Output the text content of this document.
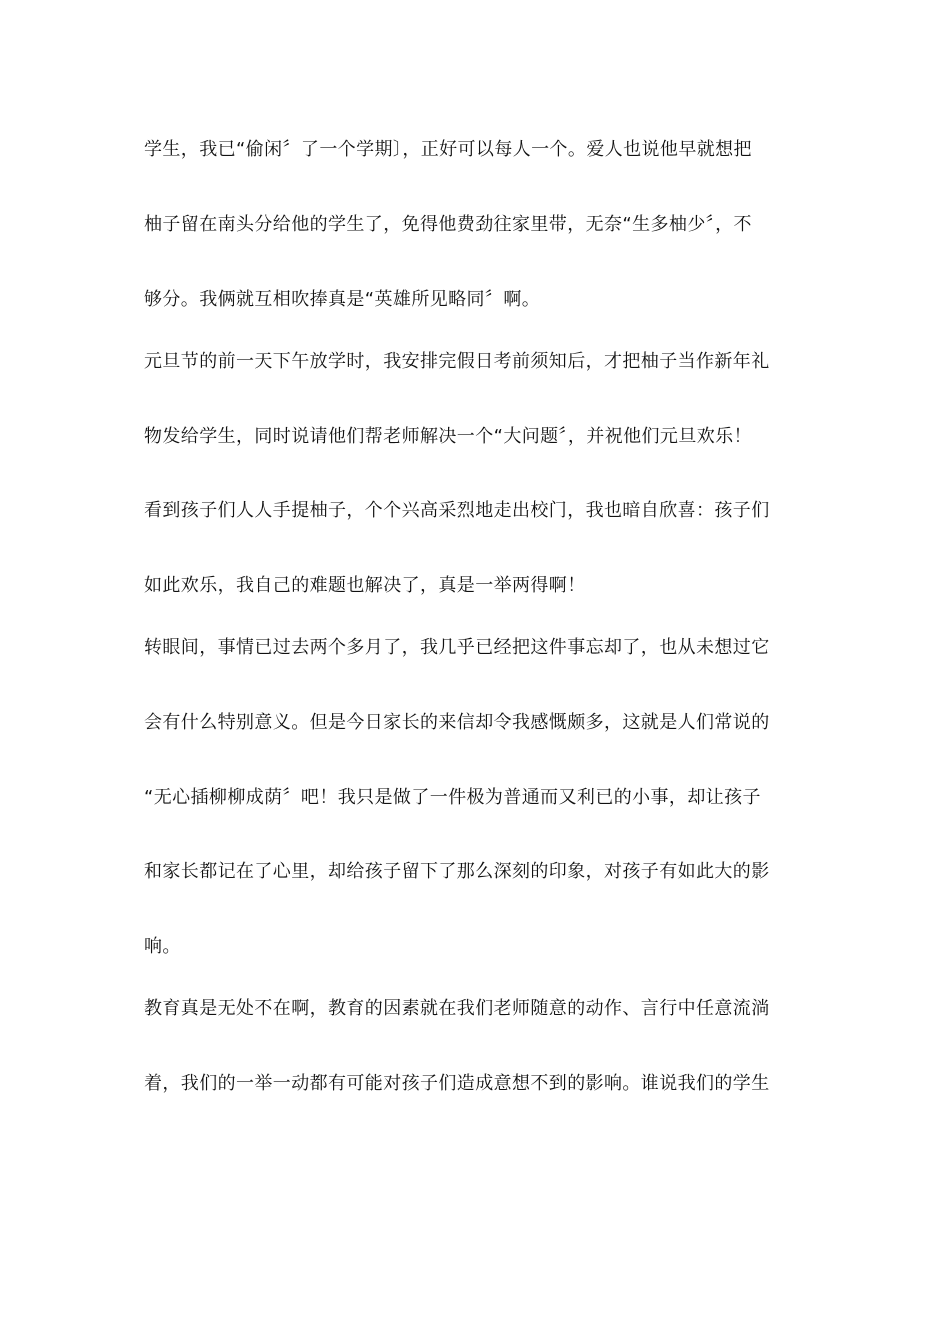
学生，我已“偷闲〞了一个学期〕，正好可以每人一个。爱人也说他早就想把

柚子留在南头分给他的学生了，免得他费劲往家里带，无奈“生多柚少〞，不

够分。我俩就互相吹捧真是“英雄所见略同〞啊。

元旦节的前一天下午放学时，我安排完假日考前须知后，才把柚子当作新年礼

物发给学生，同时说请他们帮老师解决一个“大问题〞，并祝他们元旦欢乐！

看到孩子们人人手提柚子，个个兴高采烈地走出校门，我也暗自欣喜：孩子们

如此欢乐，我自己的难题也解决了，真是一举两得啊！

转眼间，事情已过去两个多月了，我几乎已经把这件事忘却了，也从未想过它

会有什么特别意义。但是今日家长的来信却令我感慨颇多，这就是人们常说的

“无心插柳柳成荫〞吧！我只是做了一件极为普通而又利已的小事，却让孩子

和家长都记在了心里，却给孩子留下了那么深刻的印象，对孩子有如此大的影

响。

教育真是无处不在啊，教育的因素就在我们老师随意的动作、言行中任意流淌

着，我们的一举一动都有可能对孩子们造成意想不到的影响。谁说我们的学生
